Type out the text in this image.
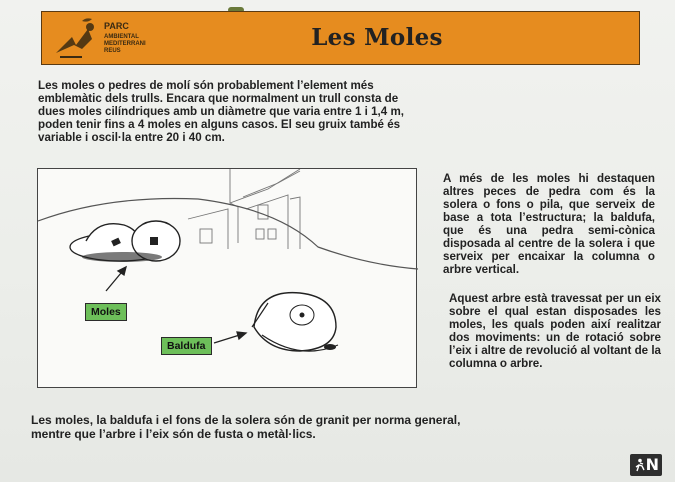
PARC
AMBIENTAL
MEDITERRANI
REUS	Les Moles
Les moles o pedres de molí són probablement l’element més emblemàtic dels trulls. Encara que normalment un trull consta de dues moles cilíndriques amb un diàmetre que varia entre 1 i 1,4 m, poden tenir fins a 4 moles en alguns casos. El seu gruix també és variable i oscil·la entre 20 i 40 cm.
Moles
Baldufa
A més de les moles hi destaquen altres peces de pedra com és la solera o fons o pila, que serveix de base a tota l’estructura; la baldufa, que és una pedra semi-cònica disposada al centre de la solera i que serveix per encaixar la columna o arbre vertical.
Aquest arbre està travessat per un eix sobre el qual estan disposades les moles, les quals poden així realitzar dos moviments: un de rotació sobre l’eix i altre de revolució al voltant de la columna o arbre.
Les moles, la baldufa i el fons de la solera són de granit per norma general, mentre que l’arbre i l’eix són de fusta o metàl·lics.
N
